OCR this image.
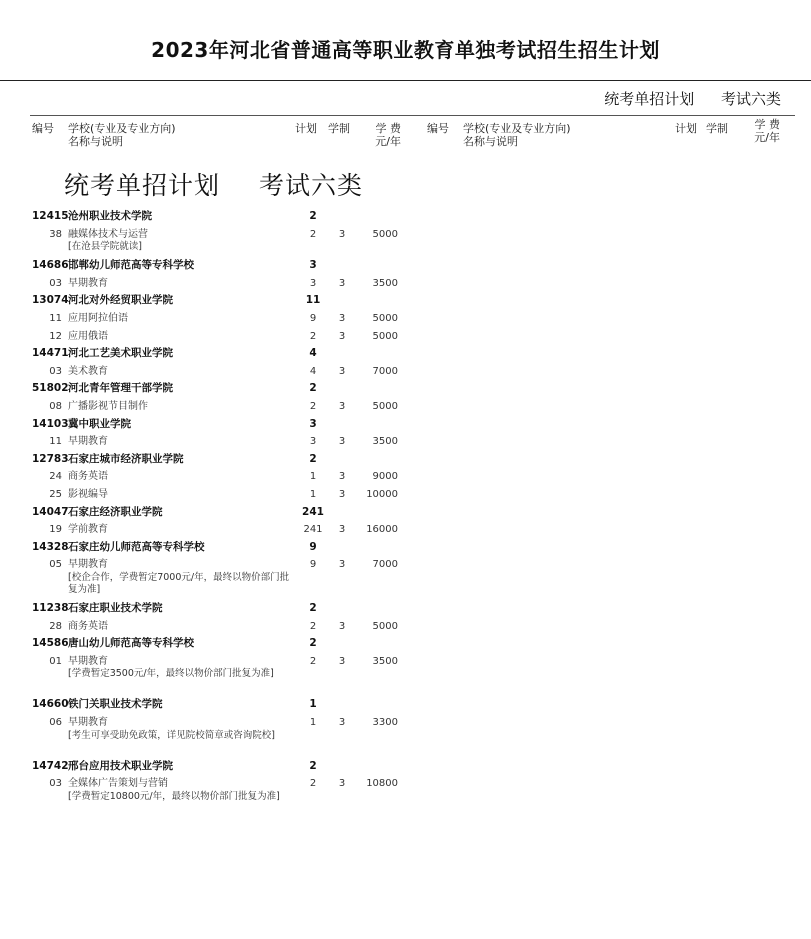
2023年河北省普通高等职业教育单独考试招生招生计划
统考单招计划 考试六类
编号 学校(专业及专业方向)
名称与说明
计划 学制	学 费
元/年
编号 学校(专业及专业方向)
名称与说明
计划 学制	学 费
元/年
统考单招计划 考试六类
12415 沧州职业技术学院	2
38 融媒体技术与运营	2	3	5000
[在沧县学院就读]
14686 邯郸幼儿师范高等专科学校	3
03 早期教育	3	3	3500
13074 河北对外经贸职业学院	11
11 应用阿拉伯语	9	3	5000
12 应用俄语	2	3	5000
14471 河北工艺美术职业学院	4
03 美术教育	4	3	7000
51802 河北青年管理干部学院	2
08 广播影视节目制作	2	3	5000
14103 冀中职业学院	3
11 早期教育	3	3	3500
12783 石家庄城市经济职业学院	2
24 商务英语	1	3	9000
25 影视编导	1	3	10000
14047 石家庄经济职业学院	241
19 学前教育	241	3	16000
14328 石家庄幼儿师范高等专科学校	9
05 早期教育	9	3	7000
[校企合作，学费暂定7000元/年，最终以物价部门批复为准]
11238 石家庄职业技术学院	2
28 商务英语	2	3	5000
14586 唐山幼儿师范高等专科学校	2
01 早期教育	2	3	3500
[学费暂定3500元/年，最终以物价部门批复为准]
14660 铁门关职业技术学院	1
06 早期教育	1	3	3300
[考生可享受助免政策，详见院校简章或咨询院校]
14742 邢台应用技术职业学院	2
03 全媒体广告策划与营销	2	3	10800
[学费暂定10800元/年，最终以物价部门批复为准]
